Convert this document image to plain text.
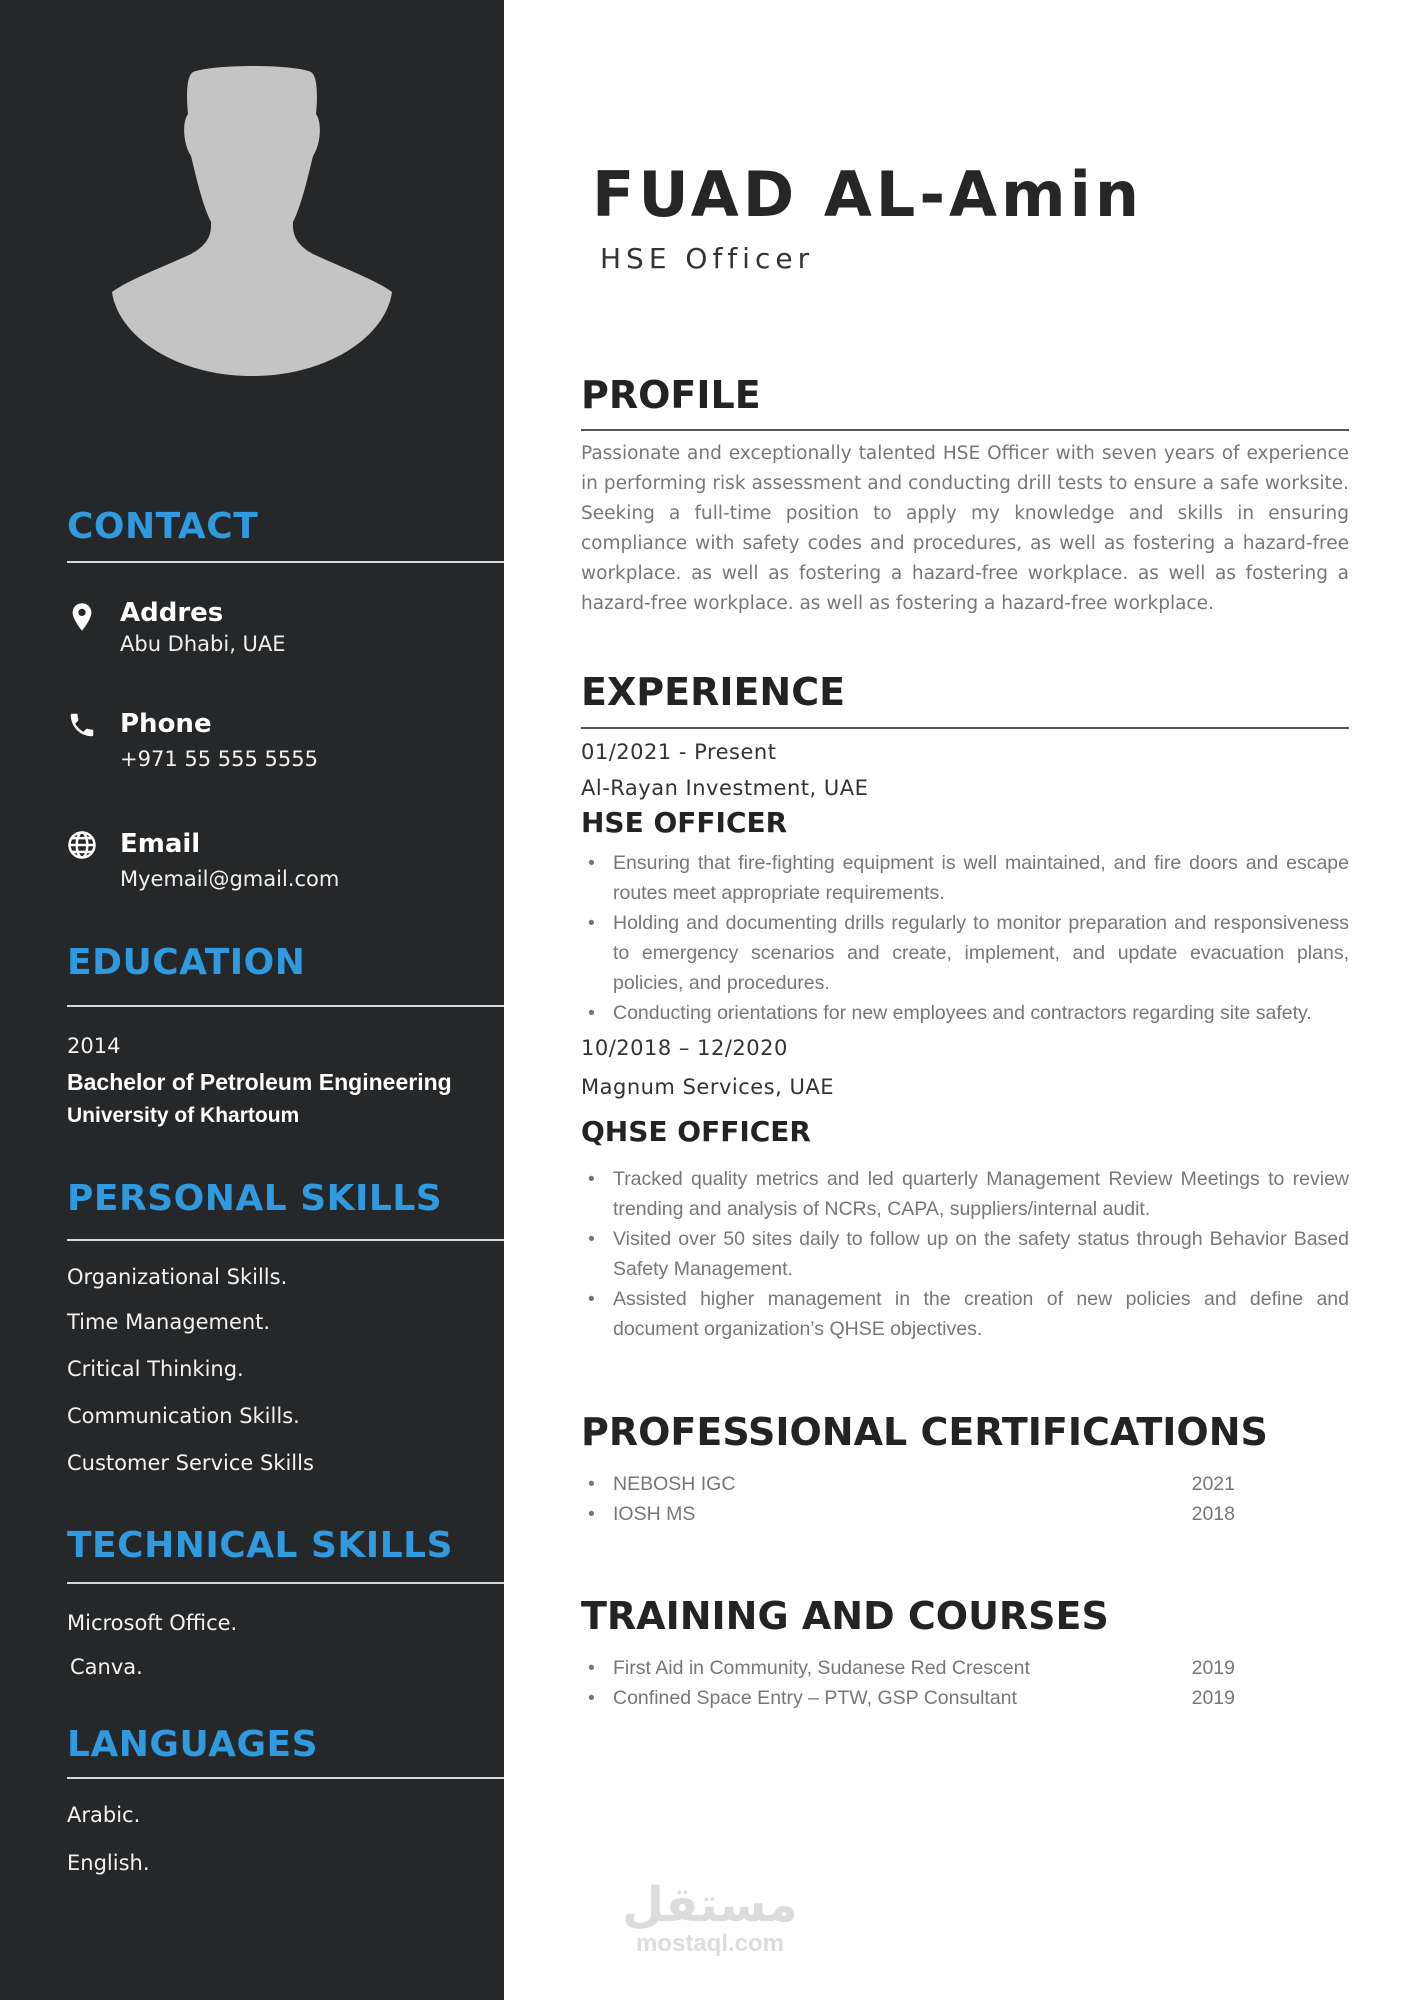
CONTACT
Addres
Abu Dhabi, UAE
Phone
+971 55 555 5555
Email
Myemail@gmail.com
EDUCATION
2014
Bachelor of Petroleum Engineering
University of Khartoum
PERSONAL SKILLS
Organizational Skills.
Time Management.
Critical Thinking.
Communication Skills.
Customer Service Skills
TECHNICAL SKILLS
Microsoft Office.
Canva.
LANGUAGES
Arabic.
English.
FUAD AL-Amin
HSE Officer
PROFILE
Passionate and exceptionally talented HSE Officer with seven years of experience in performing risk assessment and conducting drill tests to ensure a safe worksite. Seeking a full-time position to apply my knowledge and skills in ensuring compliance with safety codes and procedures, as well as fostering a hazard-free workplace. as well as fostering a hazard-free workplace. as well as fostering a hazard-free workplace. as well as fostering a hazard-free workplace.
EXPERIENCE
01/2021 - Present
Al-Rayan Investment, UAE
HSE OFFICER
• Ensuring that fire-fighting equipment is well maintained, and fire doors and escape routes meet appropriate requirements.
• Holding and documenting drills regularly to monitor preparation and responsiveness to emergency scenarios and create, implement, and update evacuation plans, policies, and procedures.
• Conducting orientations for new employees and contractors regarding site safety.
10/2018 – 12/2020
Magnum Services, UAE
QHSE OFFICER
• Tracked quality metrics and led quarterly Management Review Meetings to review trending and analysis of NCRs, CAPA, suppliers/internal audit.
• Visited over 50 sites daily to follow up on the safety status through Behavior Based Safety Management.
• Assisted higher management in the creation of new policies and define and document organization’s QHSE objectives.
PROFESSIONAL CERTIFICATIONS
NEBOSH IGC	2021
IOSH MS	2018
TRAINING AND COURSES
First Aid in Community, Sudanese Red Crescent	2019
Confined Space Entry – PTW, GSP Consultant	2019
مستقل
mostaql.com
